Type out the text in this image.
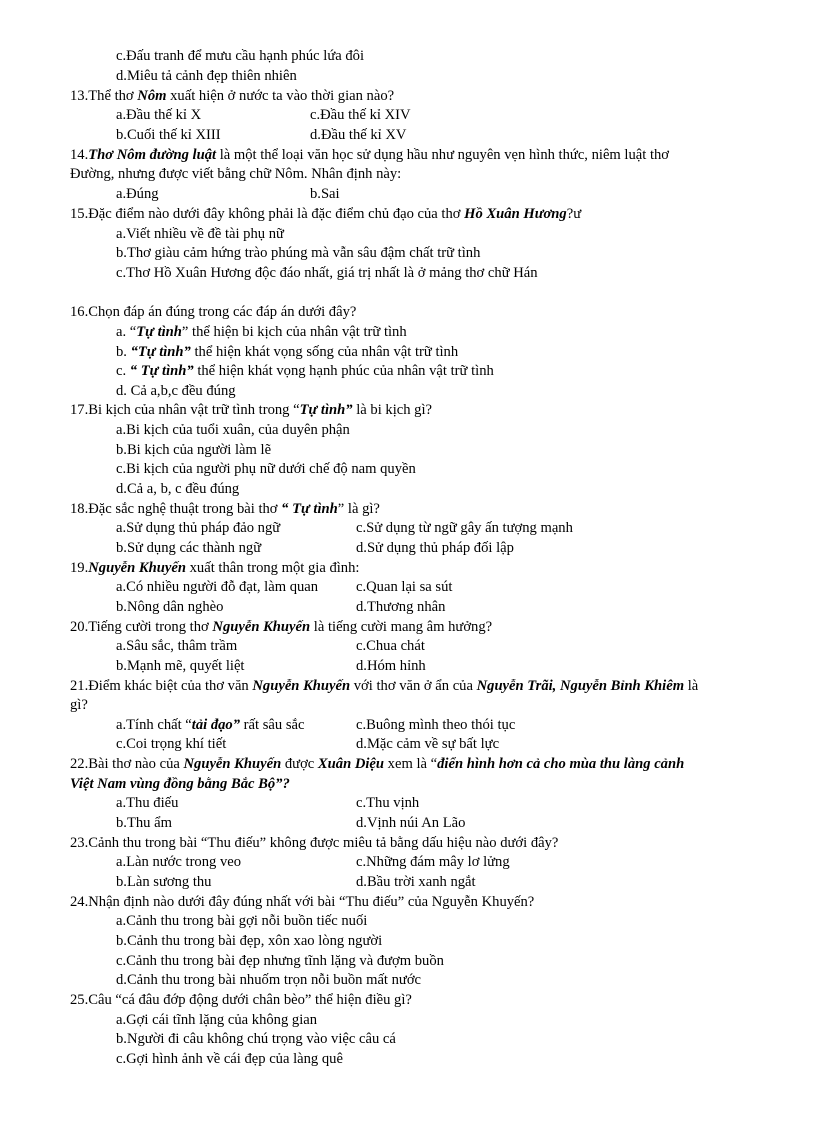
c.Đấu tranh để mưu cầu hạnh phúc lứa đôi
d.Miêu tả cảnh đẹp thiên nhiên
13.Thể thơ Nôm xuất hiện ở nước ta vào thời gian nào?
a.Đầu thế kỉ X	c.Đầu thế kỉ XIV
b.Cuối thế kỉ XIII	d.Đầu thế kỉ XV
14.Thơ Nôm đường luật là một thể loại văn học sử dụng hầu như nguyên vẹn hình thức, niêm luật thơ
Đường, nhưng được viết bằng chữ Nôm. Nhân định này:
a.Đúng	b.Sai
15.Đặc điểm nào dưới đây không phải là đặc điểm chủ đạo của thơ Hồ Xuân Hương?ư
a.Viết nhiều về đề tài phụ nữ
b.Thơ giàu cảm hứng trào phúng mà vẫn sâu đậm chất trữ tình
c.Thơ Hồ Xuân Hương độc đáo nhất, giá trị nhất là ở mảng thơ chữ Hán
16.Chọn đáp án đúng trong các đáp án dưới đây?
a. “Tự tình” thể hiện bi kịch của nhân vật trữ tình
b. “Tự tình” thể hiện khát vọng sống của nhân vật trữ tình
c. “ Tự tình” thể hiện khát vọng hạnh phúc của nhân vật trữ tình
d. Cả a,b,c đều đúng
17.Bi kịch của nhân vật trữ tình trong “Tự tình” là bi kịch gì?
a.Bi kịch của tuổi xuân, của duyên phận
b.Bi kịch của người làm lẽ
c.Bi kịch của người phụ nữ dưới chế độ nam quyền
d.Cả a, b, c đều đúng
18.Đặc sắc nghệ thuật trong bài thơ “ Tự tình” là gì?
a.Sử dụng thủ pháp đảo ngữ	c.Sử dụng từ ngữ gây ấn tượng mạnh
b.Sử dụng các thành ngữ	d.Sử dụng thủ pháp đối lập
19.Nguyễn Khuyến xuất thân trong một gia đình:
a.Có nhiều người đỗ đạt, làm quan	c.Quan lại sa sút
b.Nông dân nghèo	d.Thương nhân
20.Tiếng cười trong thơ Nguyễn Khuyến là tiếng cười mang âm hưởng?
a.Sâu sắc, thâm trầm	c.Chua chát
b.Mạnh mẽ, quyết liệt	d.Hóm hỉnh
21.Điểm khác biệt của thơ văn Nguyễn Khuyến với thơ văn ở ẩn của Nguyễn Trãi, Nguyễn Bỉnh Khiêm là
gì?
a.Tính chất “tải đạo” rất sâu sắc	c.Buông mình theo thói tục
c.Coi trọng khí tiết	d.Mặc cảm về sự bất lực
22.Bài thơ nào của Nguyễn Khuyến được Xuân Diệu xem là “điển hình hơn cả cho mùa thu làng cảnh
Việt Nam vùng đồng bằng Bắc Bộ”?
a.Thu điếu	c.Thu vịnh
b.Thu ẩm	d.Vịnh núi An Lão
23.Cảnh thu trong bài “Thu điếu” không được miêu tả bằng dấu hiệu nào dưới đây?
a.Làn nước trong veo	c.Những đám mây lơ lửng
b.Làn sương thu	d.Bầu trời xanh ngắt
24.Nhận định nào dưới đây đúng nhất với bài “Thu điếu” của Nguyễn Khuyến?
a.Cảnh thu trong bài gợi nỗi buồn tiếc nuối
b.Cảnh thu trong bài đẹp, xôn xao lòng người
c.Cảnh thu trong bài đẹp nhưng tĩnh lặng và đượm buồn
d.Cảnh thu trong bài nhuốm trọn nỗi buồn mất nước
25.Câu “cá đâu đớp động dưới chân bèo” thể hiện điều gì?
a.Gợi cái tĩnh lặng của không gian
b.Người đi câu không chú trọng vào việc câu cá
c.Gợi hình ảnh về cái đẹp của làng quê
